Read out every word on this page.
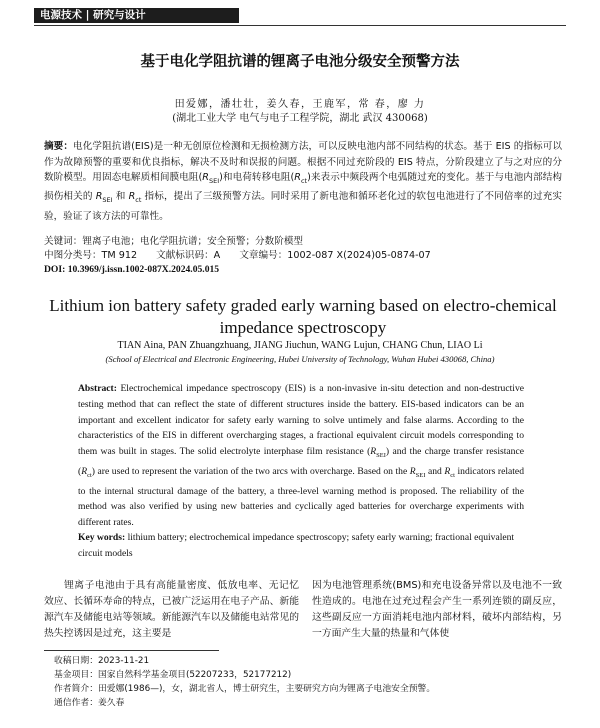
电源技术 | 研究与设计
基于电化学阻抗谱的锂离子电池分级安全预警方法
田爱娜，潘壮壮，姜久春，王鹿军，常 春，廖 力
(湖北工业大学 电气与电子工程学院，湖北 武汉 430068)
摘要：电化学阻抗谱(EIS)是一种无创原位检测和无损检测方法，可以反映电池内部不同结构的状态。基于 EIS 的指标可以作为故障预警的重要和优良指标，解决不及时和误报的问题。根据不同过充阶段的 EIS 特点，分阶段建立了与之对应的分数阶模型。用固态电解质相间膜电阻$(R_{SEI})$和电荷转移电阻$(R_{ct})$来表示中频段两个电弧随过充的变化。基于与电池内部结构损伤相关的 $R_{SEI}$ 和 $R_{ct}$ 指标，提出了三级预警方法。同时采用了新电池和循环老化过的软包电池进行了不同倍率的过充实验，验证了该方法的可靠性。
关键词：锂离子电池；电化学阻抗谱；安全预警；分数阶模型
中图分类号：TM 912 文献标识码：A 文章编号：1002-087 X(2024)05-0874-07
DOI: 10.3969/j.issn.1002-087X.2024.05.015
Lithium ion battery safety graded early warning based on electro-chemical impedance spectroscopy
TIAN Aina, PAN Zhuangzhuang, JIANG Jiuchun, WANG Lujun, CHANG Chun, LIAO Li
(School of Electrical and Electronic Engineering, Hubei University of Technology, Wuhan Hubei 430068, China)
Abstract: Electrochemical impedance spectroscopy (EIS) is a non-invasive in-situ detection and non-destructive testing method that can reflect the state of different structures inside the battery. EIS-based indicators can be an important and excellent indicator for safety early warning to solve untimely and false alarms. According to the characteristics of the EIS in different overcharging stages, a fractional equivalent circuit models corresponding to them was built in stages. The solid electrolyte interphase film resistance $(R_{SEI})$ and the charge transfer resistance $(R_{ct})$ are used to represent the variation of the two arcs with overcharge. Based on the $R_{SEI}$ and $R_{ct}$ indicators related to the internal structural damage of the battery, a three-level warning method is proposed. The reliability of the method was also verified by using new batteries and cyclically aged batteries for overcharge experiments with different rates.
Key words: lithium battery; electrochemical impedance spectroscopy; safety early warning; fractional equivalent circuit models
锂离子电池由于具有高能量密度、低放电率、无记忆效应、长循环寿命的特点，已被广泛运用在电子产品、新能源汽车及储能电站等领域。新能源汽车以及储能电站常见的热失控诱因是过充，这主要是
因为电池管理系统(BMS)和充电设备异常以及电池不一致性造成的。电池在过充过程会产生一系列连锁的副反应，这些副反应一方面消耗电池内部材料，破坏内部结构，另一方面产生大量的热量和气体使
收稿日期：2023-11-21
基金项目：国家自然科学基金项目(52207233，52177212)
作者简介：田爱娜(1986—)，女，湖北省人，博士研究生，主要研究方向为锂离子电池安全预警。
通信作者：姜久春
